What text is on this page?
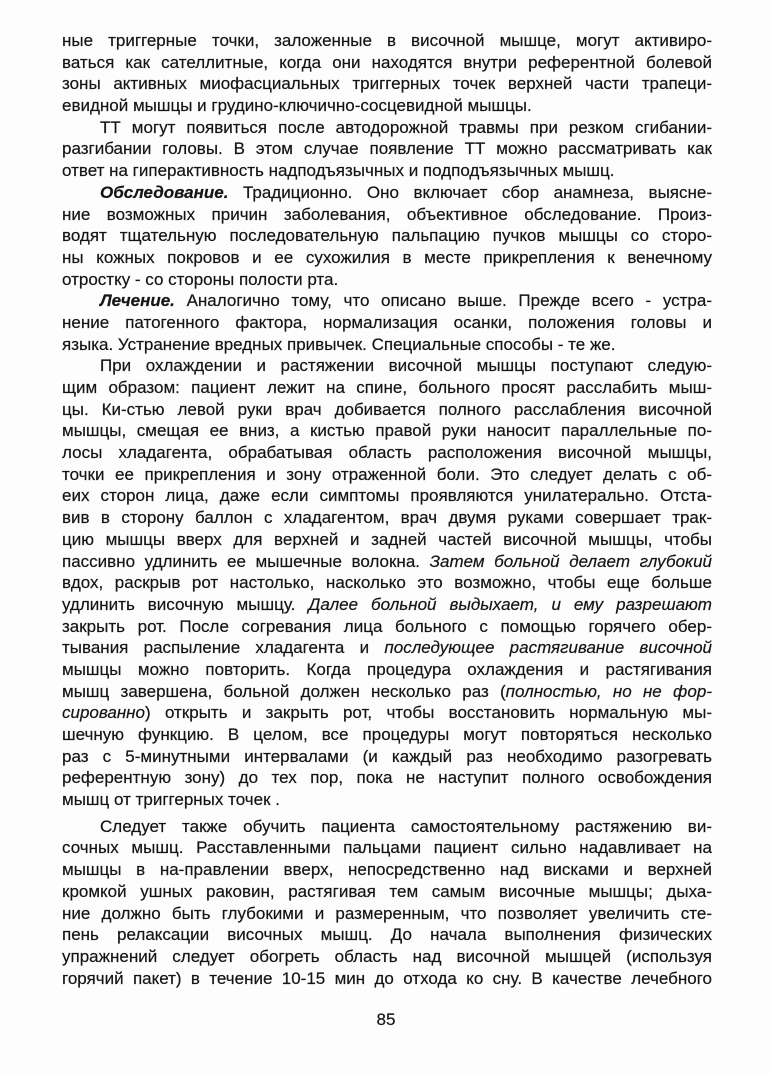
ные триггерные точки, заложенные в височной мышце, могут активиро-
ваться как сателлитные, когда они находятся внутри референтной болевой
зоны активных миофасциальных триггерных точек верхней части трапеци-
евидной мышцы и грудино-ключично-сосцевидной мышцы.
ТТ могут появиться после автодорожной травмы при резком сгибании-
разгибании головы. В этом случае появление ТТ можно рассматривать как
ответ на гиперактивность надподъязычных и подподъязычных мышц.
Обследование. Традиционно. Оно включает сбор анамнеза, выясне-
ние возможных причин заболевания, объективное обследование. Произ-
водят тщательную последовательную пальпацию пучков мышцы со сторо-
ны кожных покровов и ее сухожилия в месте прикрепления к венечному
отростку - со стороны полости рта.
Лечение. Аналогично тому, что описано выше. Прежде всего - устра-
нение патогенного фактора, нормализация осанки, положения головы и
языка. Устранение вредных привычек. Специальные способы - те же.
При охлаждении и растяжении височной мышцы поступают следую-
щим образом: пациент лежит на спине, больного просят расслабить мыш-
цы. Ки-стью левой руки врач добивается полного расслабления височной
мышцы, смещая ее вниз, а кистью правой руки наносит параллельные по-
лосы хладагента, обрабатывая область расположения височной мышцы,
точки ее прикрепления и зону отраженной боли. Это следует делать с об-
еих сторон лица, даже если симптомы проявляются унилатерально. Отста-
вив в сторону баллон с хладагентом, врач двумя руками совершает трак-
цию мышцы вверх для верхней и задней частей височной мышцы, чтобы
пассивно удлинить ее мышечные волокна. Затем больной делает глубокий
вдох, раскрыв рот настолько, насколько это возможно, чтобы еще больше
удлинить височную мышцу. Далее больной выдыхает, и ему разрешают
закрыть рот. После согревания лица больного с помощью горячего обер-
тывания распыление хладагента и последующее растягивание височной
мышцы можно повторить. Когда процедура охлаждения и растягивания
мышц завершена, больной должен несколько раз (полностью, но не фор-
сированно) открыть и закрыть рот, чтобы восстановить нормальную мы-
шечную функцию. В целом, все процедуры могут повторяться несколько
раз с 5-минутными интервалами (и каждый раз необходимо разогревать
референтную зону) до тех пор, пока не наступит полного освобождения
мышц от триггерных точек .
Следует также обучить пациента самостоятельному растяжению ви-
сочных мышц. Расставленными пальцами пациент сильно надавливает на
мышцы в на-правлении вверх, непосредственно над висками и верхней
кромкой ушных раковин, растягивая тем самым височные мышцы; дыха-
ние должно быть глубокими и размеренным, что позволяет увеличить сте-
пень релаксации височных мышц. До начала выполнения физических
упражнений следует обогреть область над височной мышцей (используя
горячий пакет) в течение 10-15 мин до отхода ко сну. В качестве лечебного
85
